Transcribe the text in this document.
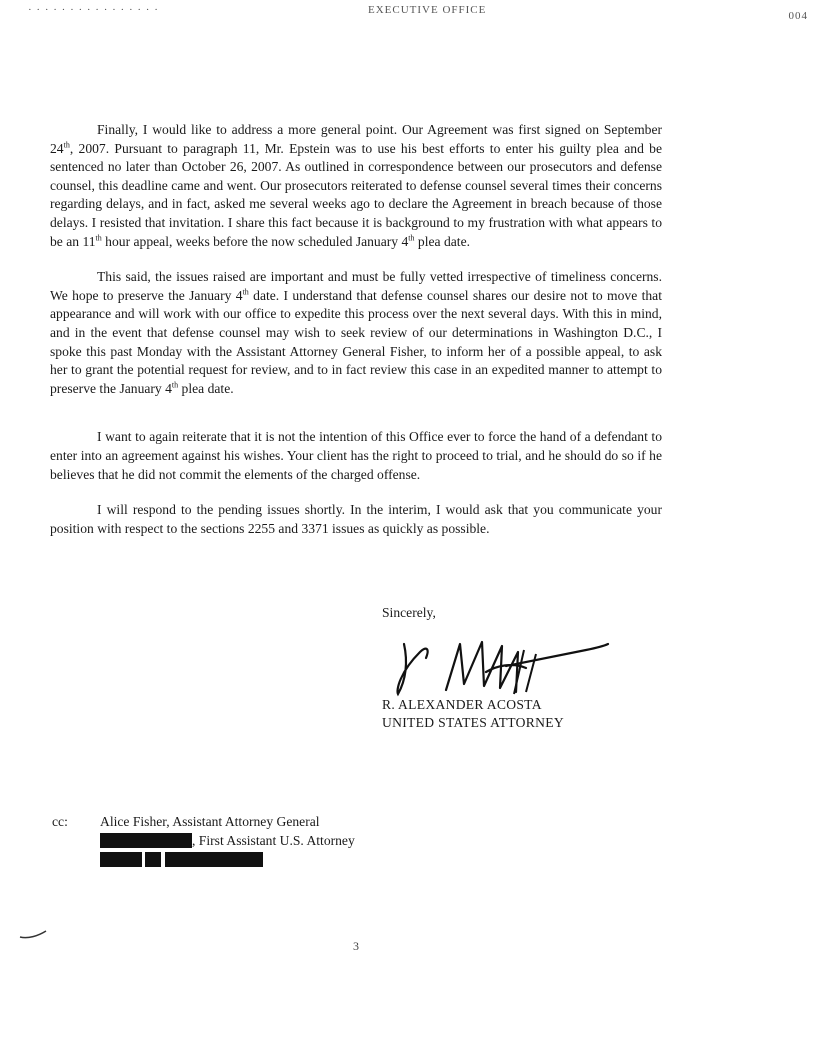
· · · · · · · · · · · · · · · ·	EXECUTIVE OFFICE	004

Finally, I would like to address a more general point. Our Agreement was first signed on September 24th, 2007. Pursuant to paragraph 11, Mr. Epstein was to use his best efforts to enter his guilty plea and be sentenced no later than October 26, 2007. As outlined in correspondence between our prosecutors and defense counsel, this deadline came and went. Our prosecutors reiterated to defense counsel several times their concerns regarding delays, and in fact, asked me several weeks ago to declare the Agreement in breach because of those delays. I resisted that invitation. I share this fact because it is background to my frustration with what appears to be an 11th hour appeal, weeks before the now scheduled January 4th plea date.

This said, the issues raised are important and must be fully vetted irrespective of timeliness concerns. We hope to preserve the January 4th date. I understand that defense counsel shares our desire not to move that appearance and will work with our office to expedite this process over the next several days. With this in mind, and in the event that defense counsel may wish to seek review of our determinations in Washington D.C., I spoke this past Monday with the Assistant Attorney General Fisher, to inform her of a possible appeal, to ask her to grant the potential request for review, and to in fact review this case in an expedited manner to attempt to preserve the January 4th plea date.

I want to again reiterate that it is not the intention of this Office ever to force the hand of a defendant to enter into an agreement against his wishes. Your client has the right to proceed to trial, and he should do so if he believes that he did not commit the elements of the charged offense.

I will respond to the pending issues shortly. In the interim, I would ask that you communicate your position with respect to the sections 2255 and 3371 issues as quickly as possible.

Sincerely,
R. ALEXANDER ACOSTA
UNITED STATES ATTORNEY
cc: Alice Fisher, Assistant Attorney General
, First Assistant U.S. Attorney

3
